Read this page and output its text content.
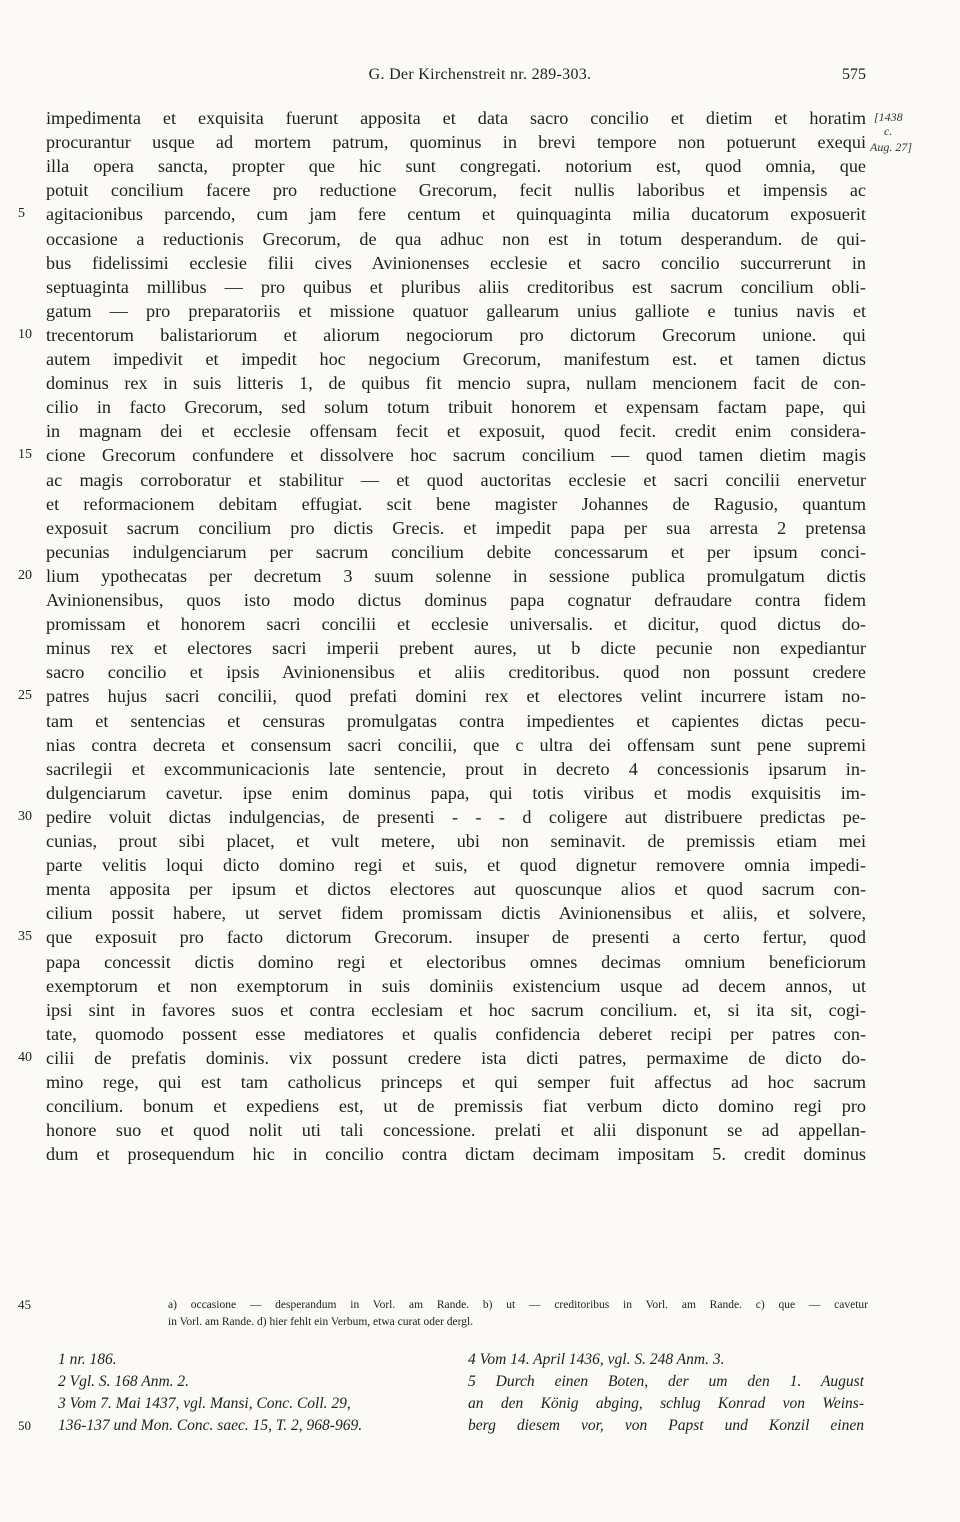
G. Der Kirchenstreit nr. 289-303.	575
[1438
c.
Aug. 27]
impedimenta et exquisita fuerunt apposita et data sacro concilio et dietim et horatim
procurantur usque ad mortem patrum, quominus in brevi tempore non potuerunt exequi
illa opera sancta, propter que hic sunt congregati. notorium est, quod omnia, que
potuit concilium facere pro reductione Grecorum, fecit nullis laboribus et impensis ac
agitacionibus parcendo, cum jam fere centum et quinquaginta milia ducatorum exposuerit
occasione a reductionis Grecorum, de qua adhuc non est in totum desperandum. de qui-
bus fidelissimi ecclesie filii cives Avinionenses ecclesie et sacro concilio succurrerunt in
septuaginta millibus — pro quibus et pluribus aliis creditoribus est sacrum concilium obli-
gatum — pro preparatoriis et missione quatuor gallearum unius galliote e tunius navis et
trecentorum balistariorum et aliorum negociorum pro dictorum Grecorum unione. qui
autem impedivit et impedit hoc negocium Grecorum, manifestum est. et tamen dictus
dominus rex in suis litteris 1, de quibus fit mencio supra, nullam mencionem facit de con-
cilio in facto Grecorum, sed solum totum tribuit honorem et expensam factam pape, qui
in magnam dei et ecclesie offensam fecit et exposuit, quod fecit. credit enim considera-
cione Grecorum confundere et dissolvere hoc sacrum concilium — quod tamen dietim magis
ac magis corroboratur et stabilitur — et quod auctoritas ecclesie et sacri concilii enervetur
et reformacionem debitam effugiat. scit bene magister Johannes de Ragusio, quantum
exposuit sacrum concilium pro dictis Grecis. et impedit papa per sua arresta 2 pretensa
pecunias indulgenciarum per sacrum concilium debite concessarum et per ipsum conci-
lium ypothecatas per decretum 3 suum solenne in sessione publica promulgatum dictis
Avinionensibus, quos isto modo dictus dominus papa cognatur defraudare contra fidem
promissam et honorem sacri concilii et ecclesie universalis. et dicitur, quod dictus do-
minus rex et electores sacri imperii prebent aures, ut b dicte pecunie non expediantur
sacro concilio et ipsis Avinionensibus et aliis creditoribus. quod non possunt credere
patres hujus sacri concilii, quod prefati domini rex et electores velint incurrere istam no-
tam et sentencias et censuras promulgatas contra impedientes et capientes dictas pecu-
nias contra decreta et consensum sacri concilii, que c ultra dei offensam sunt pene supremi
sacrilegii et excommunicacionis late sentencie, prout in decreto 4 concessionis ipsarum in-
dulgenciarum cavetur. ipse enim dominus papa, qui totis viribus et modis exquisitis im-
pedire voluit dictas indulgencias, de presenti - - - d coligere aut distribuere predictas pe-
cunias, prout sibi placet, et vult metere, ubi non seminavit. de premissis etiam mei
parte velitis loqui dicto domino regi et suis, et quod dignetur removere omnia impedi-
menta apposita per ipsum et dictos electores aut quoscunque alios et quod sacrum con-
cilium possit habere, ut servet fidem promissam dictis Avinionensibus et aliis, et solvere,
que exposuit pro facto dictorum Grecorum. insuper de presenti a certo fertur, quod
papa concessit dictis domino regi et electoribus omnes decimas omnium beneficiorum
exemptorum et non exemptorum in suis dominiis existencium usque ad decem annos, ut
ipsi sint in favores suos et contra ecclesiam et hoc sacrum concilium. et, si ita sit, cogi-
tate, quomodo possent esse mediatores et qualis confidencia deberet recipi per patres con-
cilii de prefatis dominis. vix possunt credere ista dicti patres, permaxime de dicto do-
mino rege, qui est tam catholicus princeps et qui semper fuit affectus ad hoc sacrum
concilium. bonum et expediens est, ut de premissis fiat verbum dicto domino regi pro
honore suo et quod nolit uti tali concessione. prelati et alii disponunt se ad appellan-
dum et prosequendum hic in concilio contra dictam decimam impositam 5. credit dominus
5
10
15
20
25
30
35
40
45	a) occasione — desperandum in Vorl. am Rande. b) ut — creditoribus in Vorl. am Rande. c) que — cavetur
in Vorl. am Rande. d) hier fehlt ein Verbum, etwa curat oder dergl.
50
1 nr. 186.
2 Vgl. S. 168 Anm. 2.
3 Vom 7. Mai 1437, vgl. Mansi, Conc. Coll. 29,
136-137 und Mon. Conc. saec. 15, T. 2, 968-969.
4 Vom 14. April 1436, vgl. S. 248 Anm. 3.
5 Durch einen Boten, der um den 1. August
an den König abging, schlug Konrad von Weins-
berg diesem vor, von Papst und Konzil einen
